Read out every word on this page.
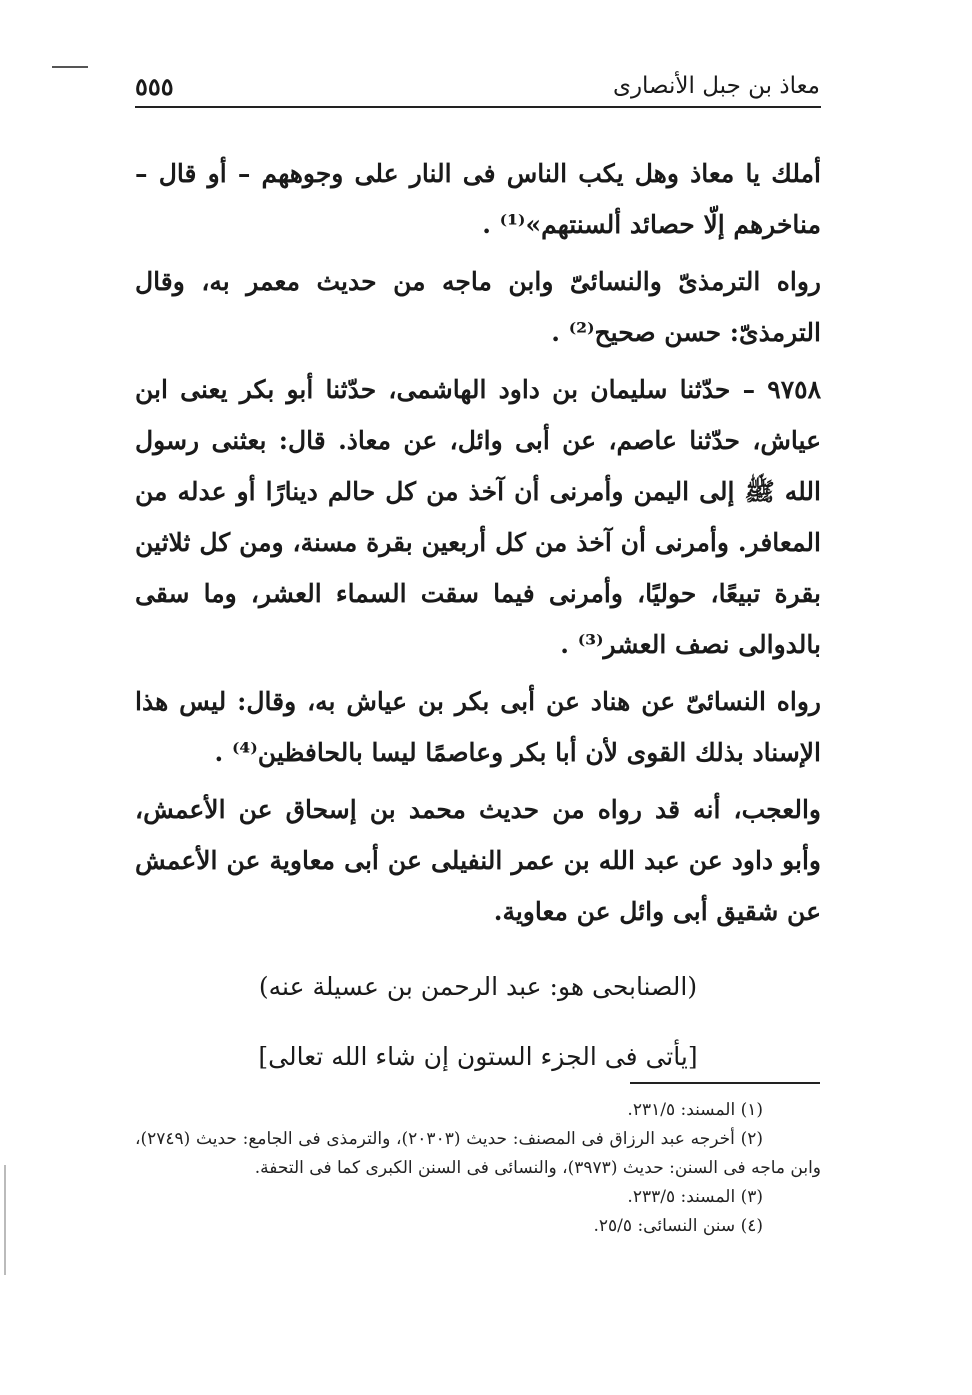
٥٥٥	معاذ بن جبل الأنصارى

أملك يا معاذ وهل يكب الناس فى النار على وجوههم – أو قال – مناخرهم إلّا حصائد ألسنتهم»⁽¹⁾ .

رواه الترمذىّ والنسائىّ وابن ماجه من حديث معمر به، وقال الترمذىّ: حسن صحيح⁽²⁾ .

٩٧٥٨ – حدّثنا سليمان بن داود الهاشمى، حدّثنا أبو بكر يعنى ابن عياش، حدّثنا عاصم، عن أبى وائل، عن معاذ. قال: بعثنى رسول الله ﷺ إلى اليمن وأمرنى أن آخذ من كل حالم دينارًا أو عدله من المعافر. وأمرنى أن آخذ من كل أربعين بقرة مسنة، ومن كل ثلاثين بقرة تبيعًا، حوليًا، وأمرنى فيما سقت السماء العشر، وما سقى بالدوالى نصف العشر⁽³⁾ .

رواه النسائىّ عن هناد عن أبى بكر بن عياش به، وقال: ليس هذا الإسناد بذلك القوى لأن أبا بكر وعاصمًا ليسا بالحافظين⁽⁴⁾ .

والعجب، أنه قد رواه من حديث محمد بن إسحاق عن الأعمش، وأبو داود عن عبد الله بن عمر النفيلى عن أبى معاوية عن الأعمش عن شقيق أبى وائل عن معاوية.

(الصنابحى هو: عبد الرحمن بن عسيلة عنه)

[يأتى فى الجزء الستون إن شاء الله تعالى]

(١) المسند: ٢٣١/٥.

(٢) أخرجه عبد الرزاق فى المصنف: حديث (٢٠٣٠٣)، والترمذى فى الجامع: حديث (٢٧٤٩)، وابن ماجه فى السنن: حديث (٣٩٧٣)، والنسائى فى السنن الكبرى كما فى التحفة.

(٣) المسند: ٢٣٣/٥.

(٤) سنن النسائى: ٢٥/٥.
